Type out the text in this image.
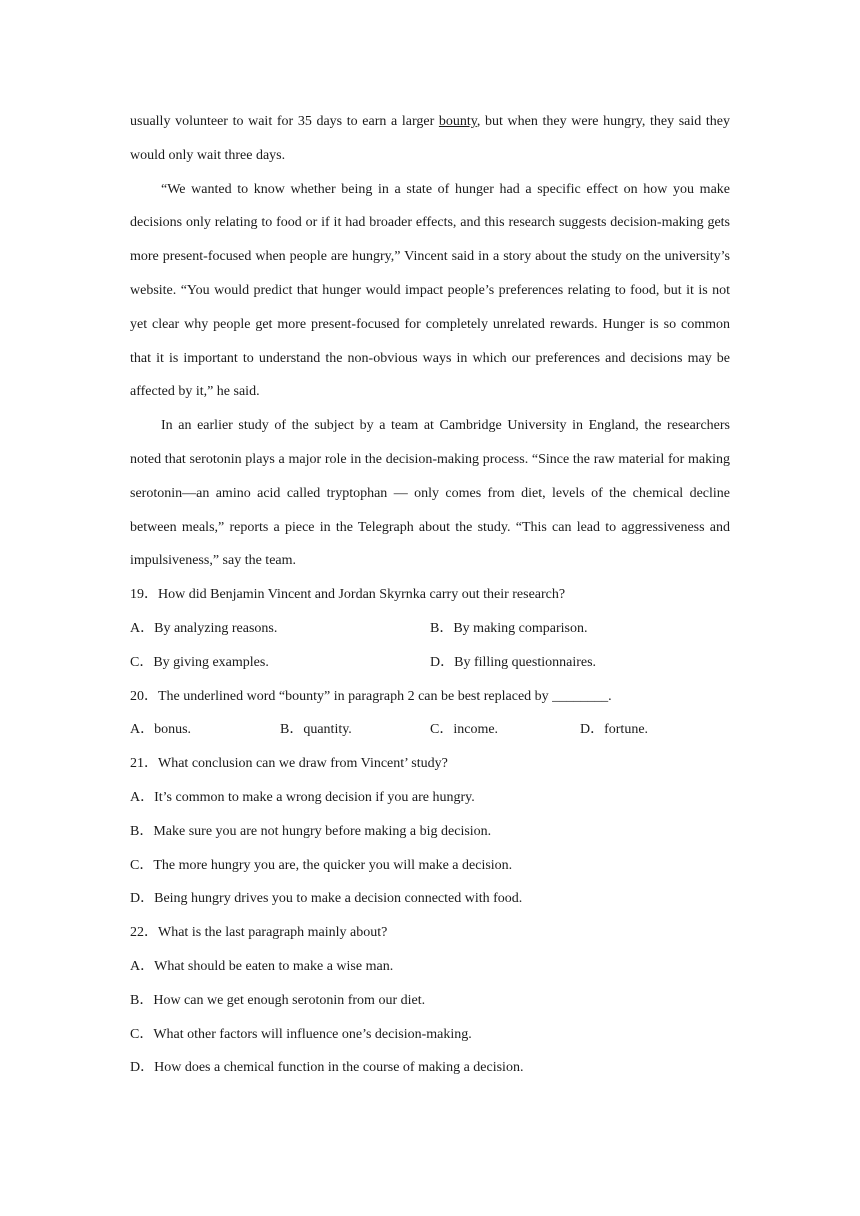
usually volunteer to wait for 35 days to earn a larger bounty, but when they were hungry, they said they would only wait three days.

“We wanted to know whether being in a state of hunger had a specific effect on how you make decisions only relating to food or if it had broader effects, and this research suggests decision-making gets more present-focused when people are hungry,” Vincent said in a story about the study on the university’s website. “You would predict that hunger would impact people’s preferences relating to food, but it is not yet clear why people get more present-focused for completely unrelated rewards. Hunger is so common that it is important to understand the non-obvious ways in which our preferences and decisions may be affected by it,” he said.

In an earlier study of the subject by a team at Cambridge University in England, the researchers noted that serotonin plays a major role in the decision-making process. “Since the raw material for making serotonin—an amino acid called tryptophan — only comes from diet, levels of the chemical decline between meals,” reports a piece in the Telegraph about the study. “This can lead to aggressiveness and impulsiveness,” say the team.

19．How did Benjamin Vincent and Jordan Skyrnka carry out their research?

A．By analyzing reasons.	B．By making comparison.
C．By giving examples.	D．By filling questionnaires.

20．The underlined word “bounty” in paragraph 2 can be best replaced by ________.

A．bonus.	B．quantity.	C．income.	D．fortune.

21．What conclusion can we draw from Vincent’ study?

A．It’s common to make a wrong decision if you are hungry.

B．Make sure you are not hungry before making a big decision.

C．The more hungry you are, the quicker you will make a decision.

D．Being hungry drives you to make a decision connected with food.

22．What is the last paragraph mainly about?

A．What should be eaten to make a wise man.

B．How can we get enough serotonin from our diet.

C．What other factors will influence one’s decision-making.

D．How does a chemical function in the course of making a decision.
